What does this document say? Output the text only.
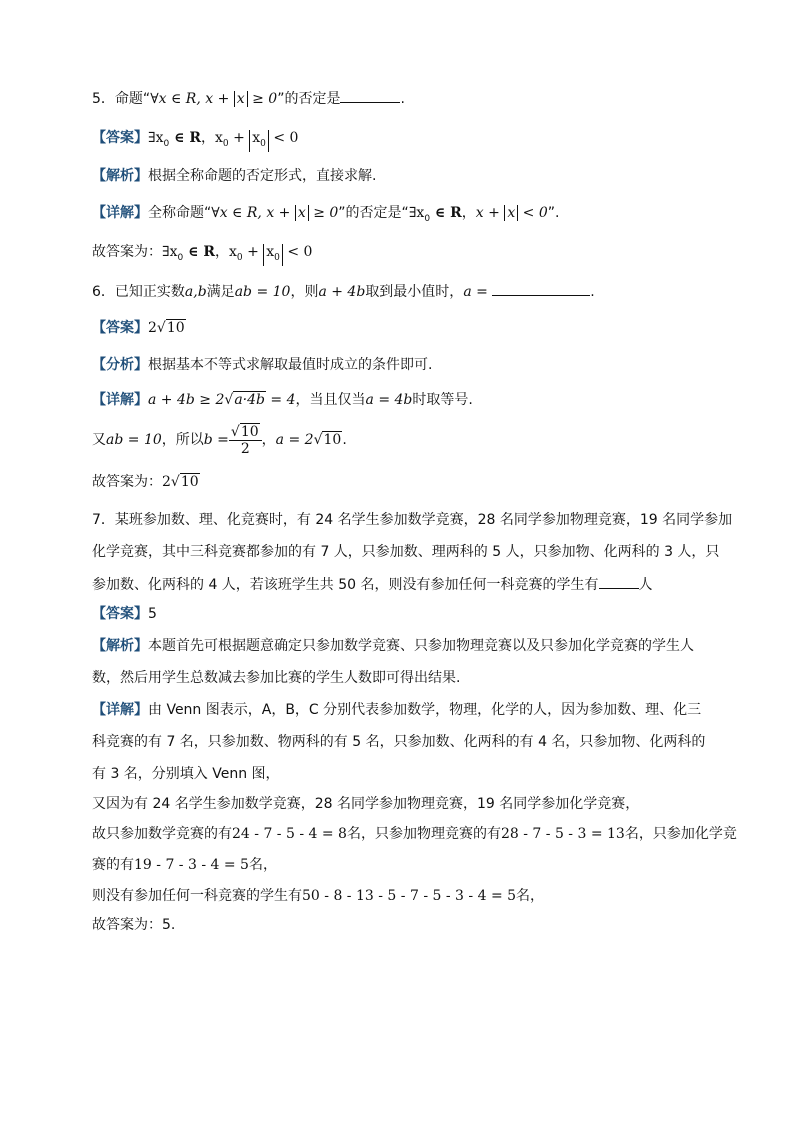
5．命题“∀x ∈ R, x + x ≥ 0”的否定是	.
【答案】$\exists x_0$ ∈ R，$x_0 + x_0 < 0$
【解析】根据全称命题的否定形式，直接求解.
【详解】全称命题“∀x ∈ R, x + x ≥ 0”的否定是“$\exists x_0$ ∈ R，x + x < 0”.
故答案为：$\exists x_0$ ∈ R，$x_0 + x_0 < 0$
6．已知正实数a,b满足ab = 10，则a + 4b取到最小值时，a =	.
【答案】2√10
【分析】根据基本不等式求解取最值时成立的条件即可.
【详解】a + 4b ≥ 2√a·4b = 4，当且仅当a = 4b时取等号.
又ab = 10，所以$b = \frac{√10}{2}$ ，a = 2√10.
故答案为：2√10
7．某班参加数、理、化竞赛时，有 24 名学生参加数学竞赛，28 名同学参加物理竞赛，19 名同学参加
化学竞赛，其中三科竞赛都参加的有 7 人，只参加数、理两科的 5 人，只参加物、化两科的 3 人，只
参加数、化两科的 4 人，若该班学生共 50 名，则没有参加任何一科竞赛的学生有	人
【答案】5
【解析】本题首先可根据题意确定只参加数学竞赛、只参加物理竞赛以及只参加化学竞赛的学生人
数，然后用学生总数减去参加比赛的学生人数即可得出结果.
【详解】由 Venn 图表示，A，B，C 分别代表参加数学，物理，化学的人，因为参加数、理、化三
科竞赛的有 7 名，只参加数、物两科的有 5 名，只参加数、化两科的有 4 名，只参加物、化两科的
有 3 名，分别填入 Venn 图，
又因为有 24 名学生参加数学竞赛，28 名同学参加物理竞赛，19 名同学参加化学竞赛，
故只参加数学竞赛的有24 - 7 - 5 - 4 = 8名，只参加物理竞赛的有28 - 7 - 5 - 3 = 13名，只参加化学竞
赛的有19 - 7 - 3 - 4 = 5名，
则没有参加任何一科竞赛的学生有50 - 8 - 13 - 5 - 7 - 5 - 3 - 4 = 5名，
故答案为：5.
